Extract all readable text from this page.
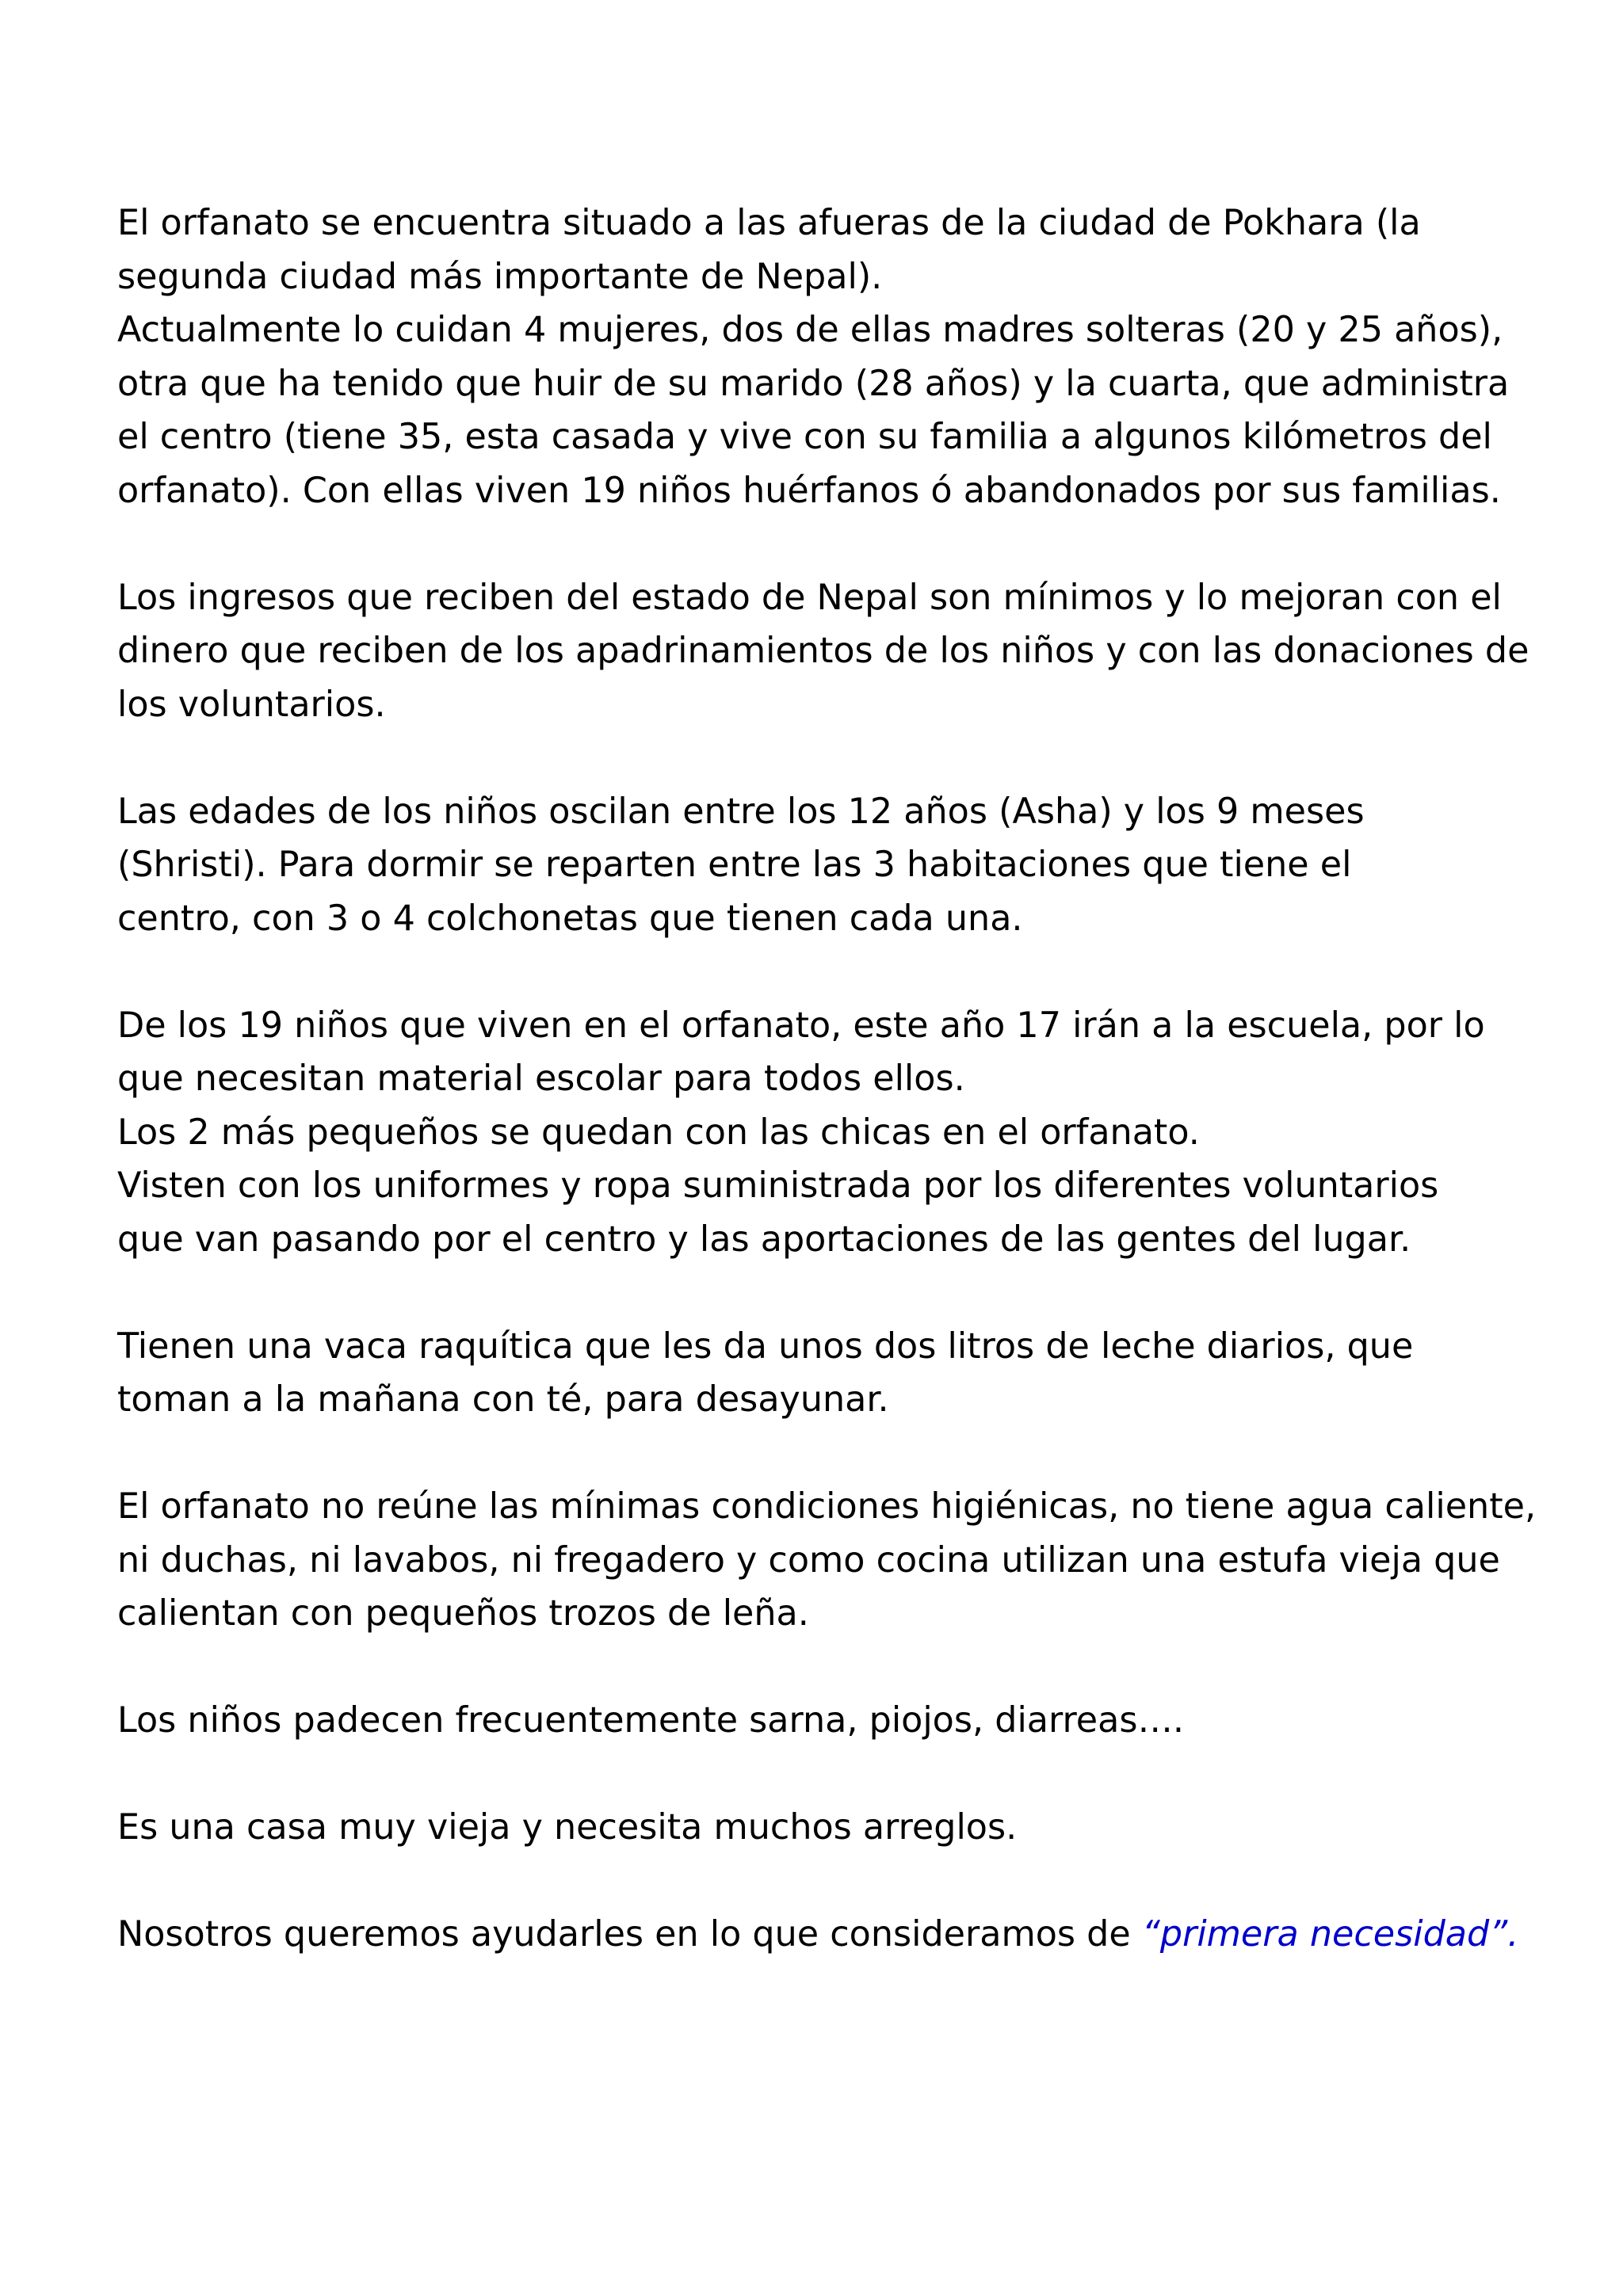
El orfanato se encuentra situado a las afueras de la ciudad de Pokhara (la
segunda ciudad más importante de Nepal).
Actualmente lo cuidan 4 mujeres, dos de ellas madres solteras (20 y 25 años),
otra que ha tenido que huir de su marido (28 años) y la cuarta, que administra
el centro (tiene 35, esta casada y vive con su familia a algunos kilómetros del
orfanato). Con ellas viven 19 niños huérfanos ó abandonados por sus familias.

Los ingresos que reciben del estado de Nepal son mínimos y lo mejoran con el
dinero que reciben de los apadrinamientos de los niños y con las donaciones de
los voluntarios.

Las edades de los niños oscilan entre los 12 años (Asha) y los 9 meses
(Shristi). Para dormir se reparten entre las 3 habitaciones que tiene el
centro, con 3 o 4 colchonetas que tienen cada una.

De los 19 niños que viven en el orfanato, este año 17 irán a la escuela, por lo
que necesitan material escolar para todos ellos.
Los 2 más pequeños se quedan con las chicas en el orfanato.
Visten con los uniformes y ropa suministrada por los diferentes voluntarios
que van pasando por el centro y las aportaciones de las gentes del lugar.

Tienen una vaca raquítica que les da unos dos litros de leche diarios, que
toman a la mañana con té, para desayunar.

El orfanato no reúne las mínimas condiciones higiénicas, no tiene agua caliente,
ni duchas, ni lavabos, ni fregadero y como cocina utilizan una estufa vieja que
calientan con pequeños trozos de leña.

Los niños padecen frecuentemente sarna, piojos, diarreas….

Es una casa muy vieja y necesita muchos arreglos.

Nosotros queremos ayudarles en lo que consideramos de “primera necesidad”.
